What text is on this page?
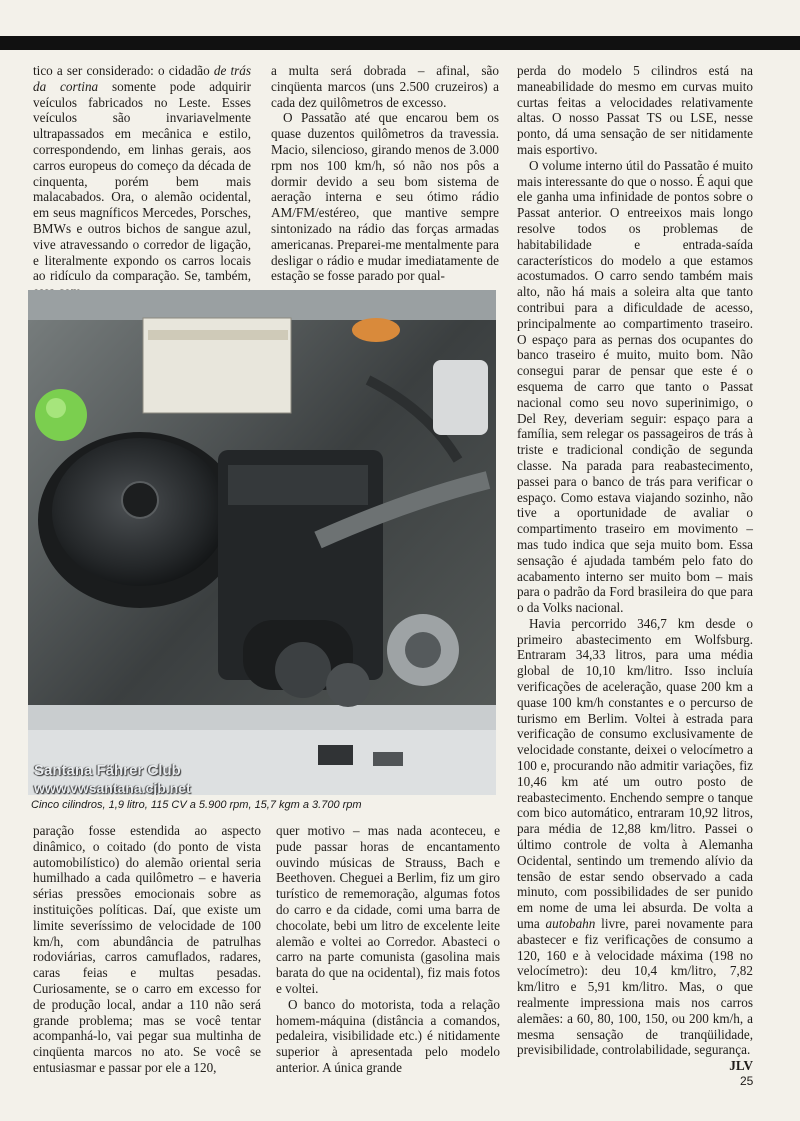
tico a ser considerado: o cidadão de trás da cortina somente pode adquirir veículos fabricados no Leste. Esses veículos são invariavelmente ultrapassados em mecânica e estilo, correspondendo, em linhas gerais, aos carros europeus do começo da década de cinquenta, porém bem mais malacabados. Ora, o alemão ocidental, em seus magníficos Mercedes, Porsches, BMWs e outros bichos de sangue azul, vive atravessando o corredor de ligação, e literalmente expondo os carros locais ao ridículo da comparação. Se, também,

a multa será dobrada – afinal, são cinqüenta marcos (uns 2.500 cruzeiros) a cada dez quilômetros de excesso.

O Passatão até que encarou bem os quase duzentos quilômetros da travessia. Macio, silencioso, girando menos de 3.000 rpm nos 100 km/h, só não nos pôs a dormir devido a seu bom sistema de aeração interna e seu ótimo rádio AM/FM/estéreo, que mantive sempre sintonizado na rádio das forças armadas americanas. Preparei-me mentalmente para desligar o rádio e mudar imediatamente de estação se fosse parado por qual-

perda do modelo 5 cilindros está na maneabilidade do mesmo em curvas muito curtas feitas a velocidades relativamente altas. O nosso Passat TS ou LSE, nesse ponto, dá uma sensação de ser nitidamente mais esportivo.

O volume interno útil do Passatão é muito mais interessante do que o nosso. É aqui que ele ganha uma infinidade de pontos sobre o Passat anterior. O entreeixos mais longo resolve todos os problemas de habitabilidade e entrada-saída característicos do modelo a que estamos acostumados. O carro sendo também mais alto, não há mais a soleira alta que tanto contribui para a dificuldade de acesso, principalmente ao compartimento traseiro. O espaço para as pernas dos ocupantes do banco traseiro é muito, muito bom. Não consegui parar de pensar que este é o esquema de carro que tanto o Passat nacional como seu novo superinimigo, o Del Rey, deveriam seguir: espaço para a família, sem relegar os passageiros de trás à triste e tradicional condição de segunda classe. Na parada para reabastecimento, passei para o banco de trás para verificar o espaço. Como estava viajando sozinho, não tive a oportunidade de avaliar o compartimento traseiro em movimento – mas tudo indica que seja muito bom. Essa sensação é ajudada também pelo fato do acabamento interno ser muito bom – mais para o padrão da Ford brasileira do que para o da Volks nacional.

Havia percorrido 346,7 km desde o primeiro abastecimento em Wolfsburg. Entraram 34,33 litros, para uma média global de 10,10 km/litro. Isso incluía verificações de aceleração, quase 200 km a quase 100 km/h constantes e o percurso de turismo em Berlim. Voltei à estrada para verificação de consumo exclusivamente de velocidade constante, deixei o velocímetro a 100 e, procurando não admitir variações, fiz 10,46 km até um outro posto de reabastecimento. Enchendo sempre o tanque com bico automático, entraram 10,92 litros, para média de 12,88 km/litro. Passei o último controle de volta à Alemanha Ocidental, sentindo um tremendo alívio da tensão de estar sendo observado a cada minuto, com possibilidades de ser punido em nome de uma lei absurda. De volta a uma autobahn livre, parei novamente para abastecer e fiz verificações de consumo a 120, 160 e à velocidade máxima (198 no velocímetro): deu 10,4 km/litro, 7,82 km/litro e 5,91 km/litro. Mas, o que realmente impressiona mais nos carros alemães: a 60, 80, 100, 150, ou 200 km/h, a mesma sensação de tranqüilidade, previsibilidade, controlabilidade, segurança.
JLV

Santana Fährer Club
www.vwsantana.cjb.net
Cinco cilindros, 1,9 litro, 115 CV a 5.900 rpm, 15,7 kgm a 3.700 rpm

paração fosse estendida ao aspecto dinâmico, o coitado (do ponto de vista automobilístico) do alemão oriental seria humilhado a cada quilômetro – e haveria sérias pressões emocionais sobre as instituições políticas. Daí, que existe um limite severíssimo de velocidade de 100 km/h, com abundância de patrulhas rodoviárias, carros camuflados, radares, caras feias e multas pesadas. Curiosamente, se o carro em excesso for de produção local, andar a 110 não será grande problema; mas se você tentar acompanhá-lo, vai pegar sua multinha de cinqüenta marcos no ato. Se você se entusiasmar e passar por ele a 120,

quer motivo – mas nada aconteceu, e pude passar horas de encantamento ouvindo músicas de Strauss, Bach e Beethoven. Cheguei a Berlim, fiz um giro turístico de rememoração, algumas fotos do carro e da cidade, comi uma barra de chocolate, bebi um litro de excelente leite alemão e voltei ao Corredor. Abasteci o carro na parte comunista (gasolina mais barata do que na ocidental), fiz mais fotos e voltei.

O banco do motorista, toda a relação homem-máquina (distância a comandos, pedaleira, visibilidade etc.) é nitidamente superior à apresentada pelo modelo anterior. A única grande

25
